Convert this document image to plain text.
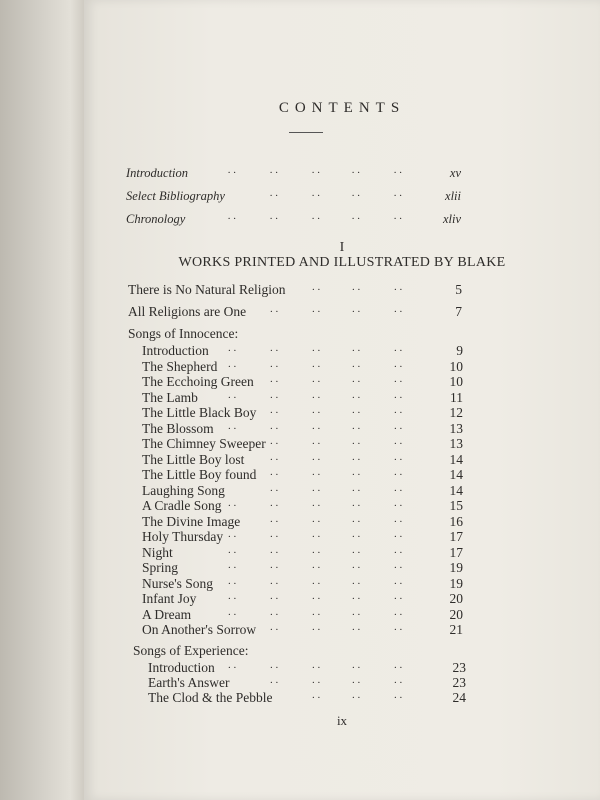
CONTENTS
Introduction	xv
. .	. .	. .	. .	. .
Select Bibliography	xlii
. .	. .	. .	. .
Chronology	xliv
. .	. .	. .	. .	. .
There is No Natural Religion	5
. .	. .	. .
All Religions are One	7
. .	. .	. .	. .
Introduction	9
. .	. .	. .	. .	. .
The Shepherd	10
. .	. .	. .	. .	. .
The Ecchoing Green	10
. .	. .	. .	. .
The Lamb	11
. .	. .	. .	. .	. .
The Little Black Boy	12
. .	. .	. .	. .
The Blossom	13
. .	. .	. .	. .	. .
The Chimney Sweeper	13
. .	. .	. .	. .
The Little Boy lost	14
. .	. .	. .	. .
The Little Boy found	14
. .	. .	. .	. .
Laughing Song	14
. .	. .	. .	. .
A Cradle Song	15
. .	. .	. .	. .	. .
The Divine Image	16
. .	. .	. .	. .
Holy Thursday	17
. .	. .	. .	. .	. .
Night	17
. .	. .	. .	. .	. .
Spring	19
. .	. .	. .	. .	. .
Nurse's Song	19
. .	. .	. .	. .	. .
Infant Joy	20
. .	. .	. .	. .	. .
A Dream	20
. .	. .	. .	. .	. .
On Another's Sorrow	21
. .	. .	. .	. .
Introduction	23
. .	. .	. .	. .	. .
Earth's Answer	23
. .	. .	. .	. .
The Clod & the Pebble	24
. .	. .	. .
I
WORKS PRINTED AND ILLUSTRATED BY BLAKE
Songs of Innocence:
Songs of Experience:
ix
